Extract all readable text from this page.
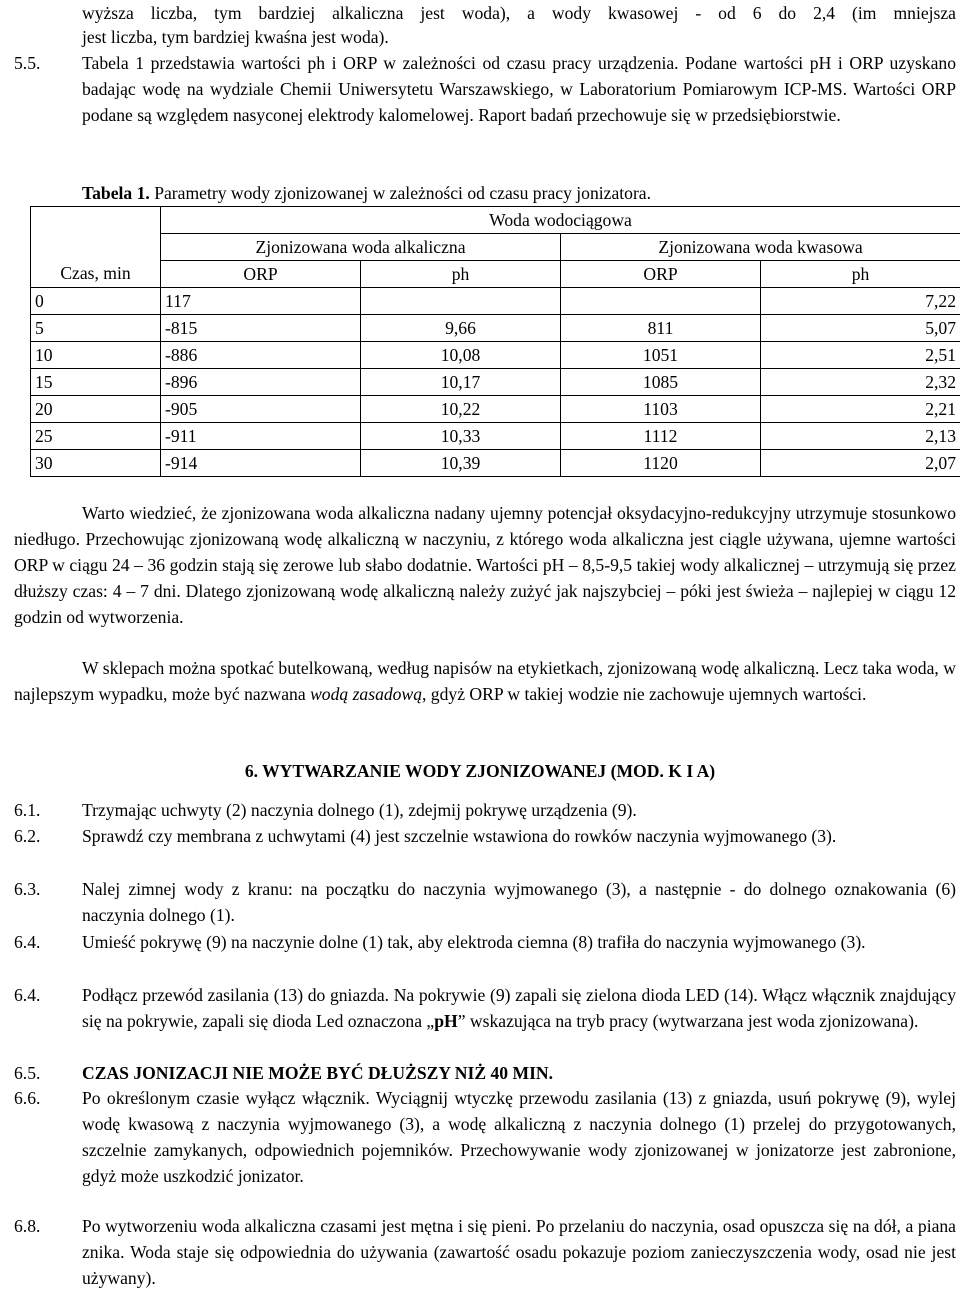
wyższa liczba, tym bardziej alkaliczna jest woda), a wody kwasowej - od 6 do 2,4 (im mniejsza
jest liczba, tym bardziej kwaśna jest woda).
5.5. Tabela 1 przedstawia wartości ph i ORP w zależności od czasu pracy urządzenia. Podane wartości pH i ORP uzyskano badając wodę na wydziale Chemii Uniwersytetu Warszawskiego, w Laboratorium Pomiarowym ICP-MS. Wartości ORP podane są względem nasyconej elektrody kalomelowej. Raport badań przechowuje się w przedsiębiorstwie.
Tabela 1. Parametry wody zjonizowanej w zależności od czasu pracy jonizatora.
	Woda wodociągowa			
	Zjonizowana woda alkaliczna		Zjonizowana woda kwasowa	
Czas, min	ORP	ph	ORP	ph
0	117			7,22
5	-815	9,66	811	5,07
10	-886	10,08	1051	2,51
15	-896	10,17	1085	2,32
20	-905	10,22	1103	2,21
25	-911	10,33	1112	2,13
30	-914	10,39	1120	2,07
Warto wiedzieć, że zjonizowana woda alkaliczna nadany ujemny potencjał oksydacyjno-redukcyjny utrzymuje stosunkowo niedługo. Przechowując zjonizowaną wodę alkaliczną w naczyniu, z którego woda alkaliczna jest ciągle używana, ujemne wartości ORP w ciągu 24 – 36 godzin stają się zerowe lub słabo dodatnie. Wartości pH – 8,5-9,5 takiej wody alkalicznej – utrzymują się przez dłuższy czas: 4 – 7 dni. Dlatego zjonizowaną wodę alkaliczną należy zużyć jak najszybciej – póki jest świeża – najlepiej w ciągu 12 godzin od wytworzenia.
W sklepach można spotkać butelkowaną, według napisów na etykietkach, zjonizowaną wodę alkaliczną. Lecz taka woda, w najlepszym wypadku, może być nazwana wodą zasadową, gdyż ORP w takiej wodzie nie zachowuje ujemnych wartości.
6. WYTWARZANIE WODY ZJONIZOWANEJ (MOD. K I A)
6.1. Trzymając uchwyty (2) naczynia dolnego (1), zdejmij pokrywę urządzenia (9).
6.2. Sprawdź czy membrana z uchwytami (4) jest szczelnie wstawiona do rowków naczynia wyjmowanego (3).
6.3. Nalej zimnej wody z kranu: na początku do naczynia wyjmowanego (3), a następnie - do dolnego oznakowania (6) naczynia dolnego (1).
6.4. Umieść pokrywę (9) na naczynie dolne (1) tak, aby elektroda ciemna (8) trafiła do naczynia wyjmowanego (3).
6.4. Podłącz przewód zasilania (13) do gniazda. Na pokrywie (9) zapali się zielona dioda LED (14). Włącz włącznik znajdujący się na pokrywie, zapali się dioda Led oznaczona „pH” wskazująca na tryb pracy (wytwarzana jest woda zjonizowana).
6.5. CZAS JONIZACJI NIE MOŻE BYĆ DŁUŻSZY NIŻ 40 MIN.
6.6. Po określonym czasie wyłącz włącznik. Wyciągnij wtyczkę przewodu zasilania (13) z gniazda, usuń pokrywę (9), wylej wodę kwasową z naczynia wyjmowanego (3), a wodę alkaliczną z naczynia dolnego (1) przelej do przygotowanych, szczelnie zamykanych, odpowiednich pojemników. Przechowywanie wody zjonizowanej w jonizatorze jest zabronione, gdyż może uszkodzić jonizator.
6.8. Po wytworzeniu woda alkaliczna czasami jest mętna i się pieni. Po przelaniu do naczynia, osad opuszcza się na dół, a piana znika. Woda staje się odpowiednia do używania (zawartość osadu pokazuje poziom zanieczyszczenia wody, osad nie jest używany).
